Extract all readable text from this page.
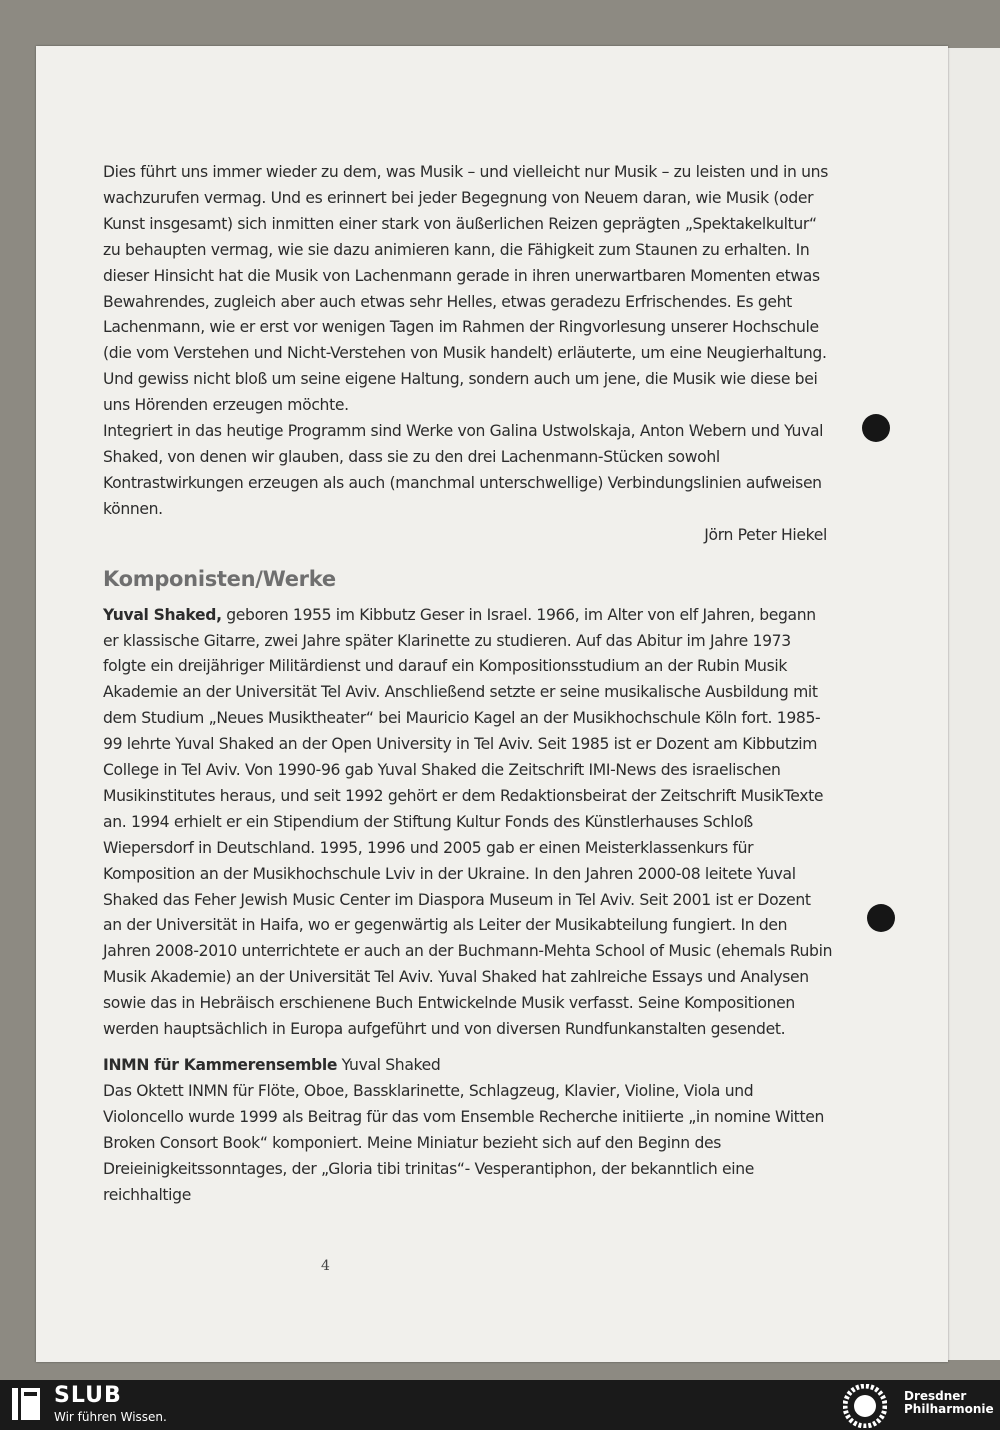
Dies führt uns immer wieder zu dem, was Musik – und vielleicht nur Musik – zu leisten und in uns wachzurufen vermag. Und es erinnert bei jeder Begegnung von Neuem daran, wie Musik (oder Kunst insgesamt) sich inmitten einer stark von äußerlichen Reizen geprägten „Spektakelkultur“ zu behaupten vermag, wie sie dazu animieren kann, die Fähigkeit zum Staunen zu erhalten. In dieser Hinsicht hat die Musik von Lachenmann gerade in ihren unerwartbaren Momenten etwas Bewahrendes, zugleich aber auch etwas sehr Helles, etwas geradezu Erfrischendes. Es geht Lachenmann, wie er erst vor wenigen Tagen im Rahmen der Ringvorlesung unserer Hochschule (die vom Verstehen und Nicht-Verstehen von Musik handelt) erläuterte, um eine Neugierhaltung. Und gewiss nicht bloß um seine eigene Haltung, sondern auch um jene, die Musik wie diese bei uns Hörenden erzeugen möchte.

Integriert in das heutige Programm sind Werke von Galina Ustwolskaja, Anton Webern und Yuval Shaked, von denen wir glauben, dass sie zu den drei Lachenmann-Stücken sowohl Kontrastwirkungen erzeugen als auch (manchmal unterschwellige) Verbindungslinien aufweisen können.

Jörn Peter Hiekel

Komponisten/Werke

Yuval Shaked, geboren 1955 im Kibbutz Geser in Israel. 1966, im Alter von elf Jahren, begann er klassische Gitarre, zwei Jahre später Klarinette zu studieren. Auf das Abitur im Jahre 1973 folgte ein dreijähriger Militärdienst und darauf ein Kompositionsstudium an der Rubin Musik Akademie an der Universität Tel Aviv. Anschließend setzte er seine musikalische Ausbildung mit dem Studium „Neues Musiktheater“ bei Mauricio Kagel an der Musikhochschule Köln fort. 1985-99 lehrte Yuval Shaked an der Open University in Tel Aviv. Seit 1985 ist er Dozent am Kibbutzim College in Tel Aviv. Von 1990-96 gab Yuval Shaked die Zeitschrift IMI-News des israelischen Musikinstitutes heraus, und seit 1992 gehört er dem Redaktionsbeirat der Zeitschrift MusikTexte an. 1994 erhielt er ein Stipendium der Stiftung Kultur Fonds des Künstlerhauses Schloß Wiepersdorf in Deutschland. 1995, 1996 und 2005 gab er einen Meisterklassenkurs für Komposition an der Musikhochschule Lviv in der Ukraine. In den Jahren 2000-08 leitete Yuval Shaked das Feher Jewish Music Center im Diaspora Museum in Tel Aviv. Seit 2001 ist er Dozent an der Universität in Haifa, wo er gegenwärtig als Leiter der Musikabteilung fungiert. In den Jahren 2008-2010 unterrichtete er auch an der Buchmann-Mehta School of Music (ehemals Rubin Musik Akademie) an der Universität Tel Aviv. Yuval Shaked hat zahlreiche Essays und Analysen sowie das in Hebräisch erschienene Buch Entwickelnde Musik verfasst. Seine Kompositionen werden hauptsächlich in Europa aufgeführt und von diversen Rundfunkanstalten gesendet.

INMN für Kammerensemble Yuval Shaked

Das Oktett INMN für Flöte, Oboe, Bassklarinette, Schlagzeug, Klavier, Violine, Viola und Violoncello wurde 1999 als Beitrag für das vom Ensemble Recherche initiierte „in nomine Witten Broken Consort Book“ komponiert. Meine Miniatur bezieht sich auf den Beginn des Dreieinigkeitssonntages, der „Gloria tibi trinitas“- Vesperantiphon, der bekanntlich eine reichhaltige

4
SLUB
Wir führen Wissen.
Dresdner
Philharmonie
